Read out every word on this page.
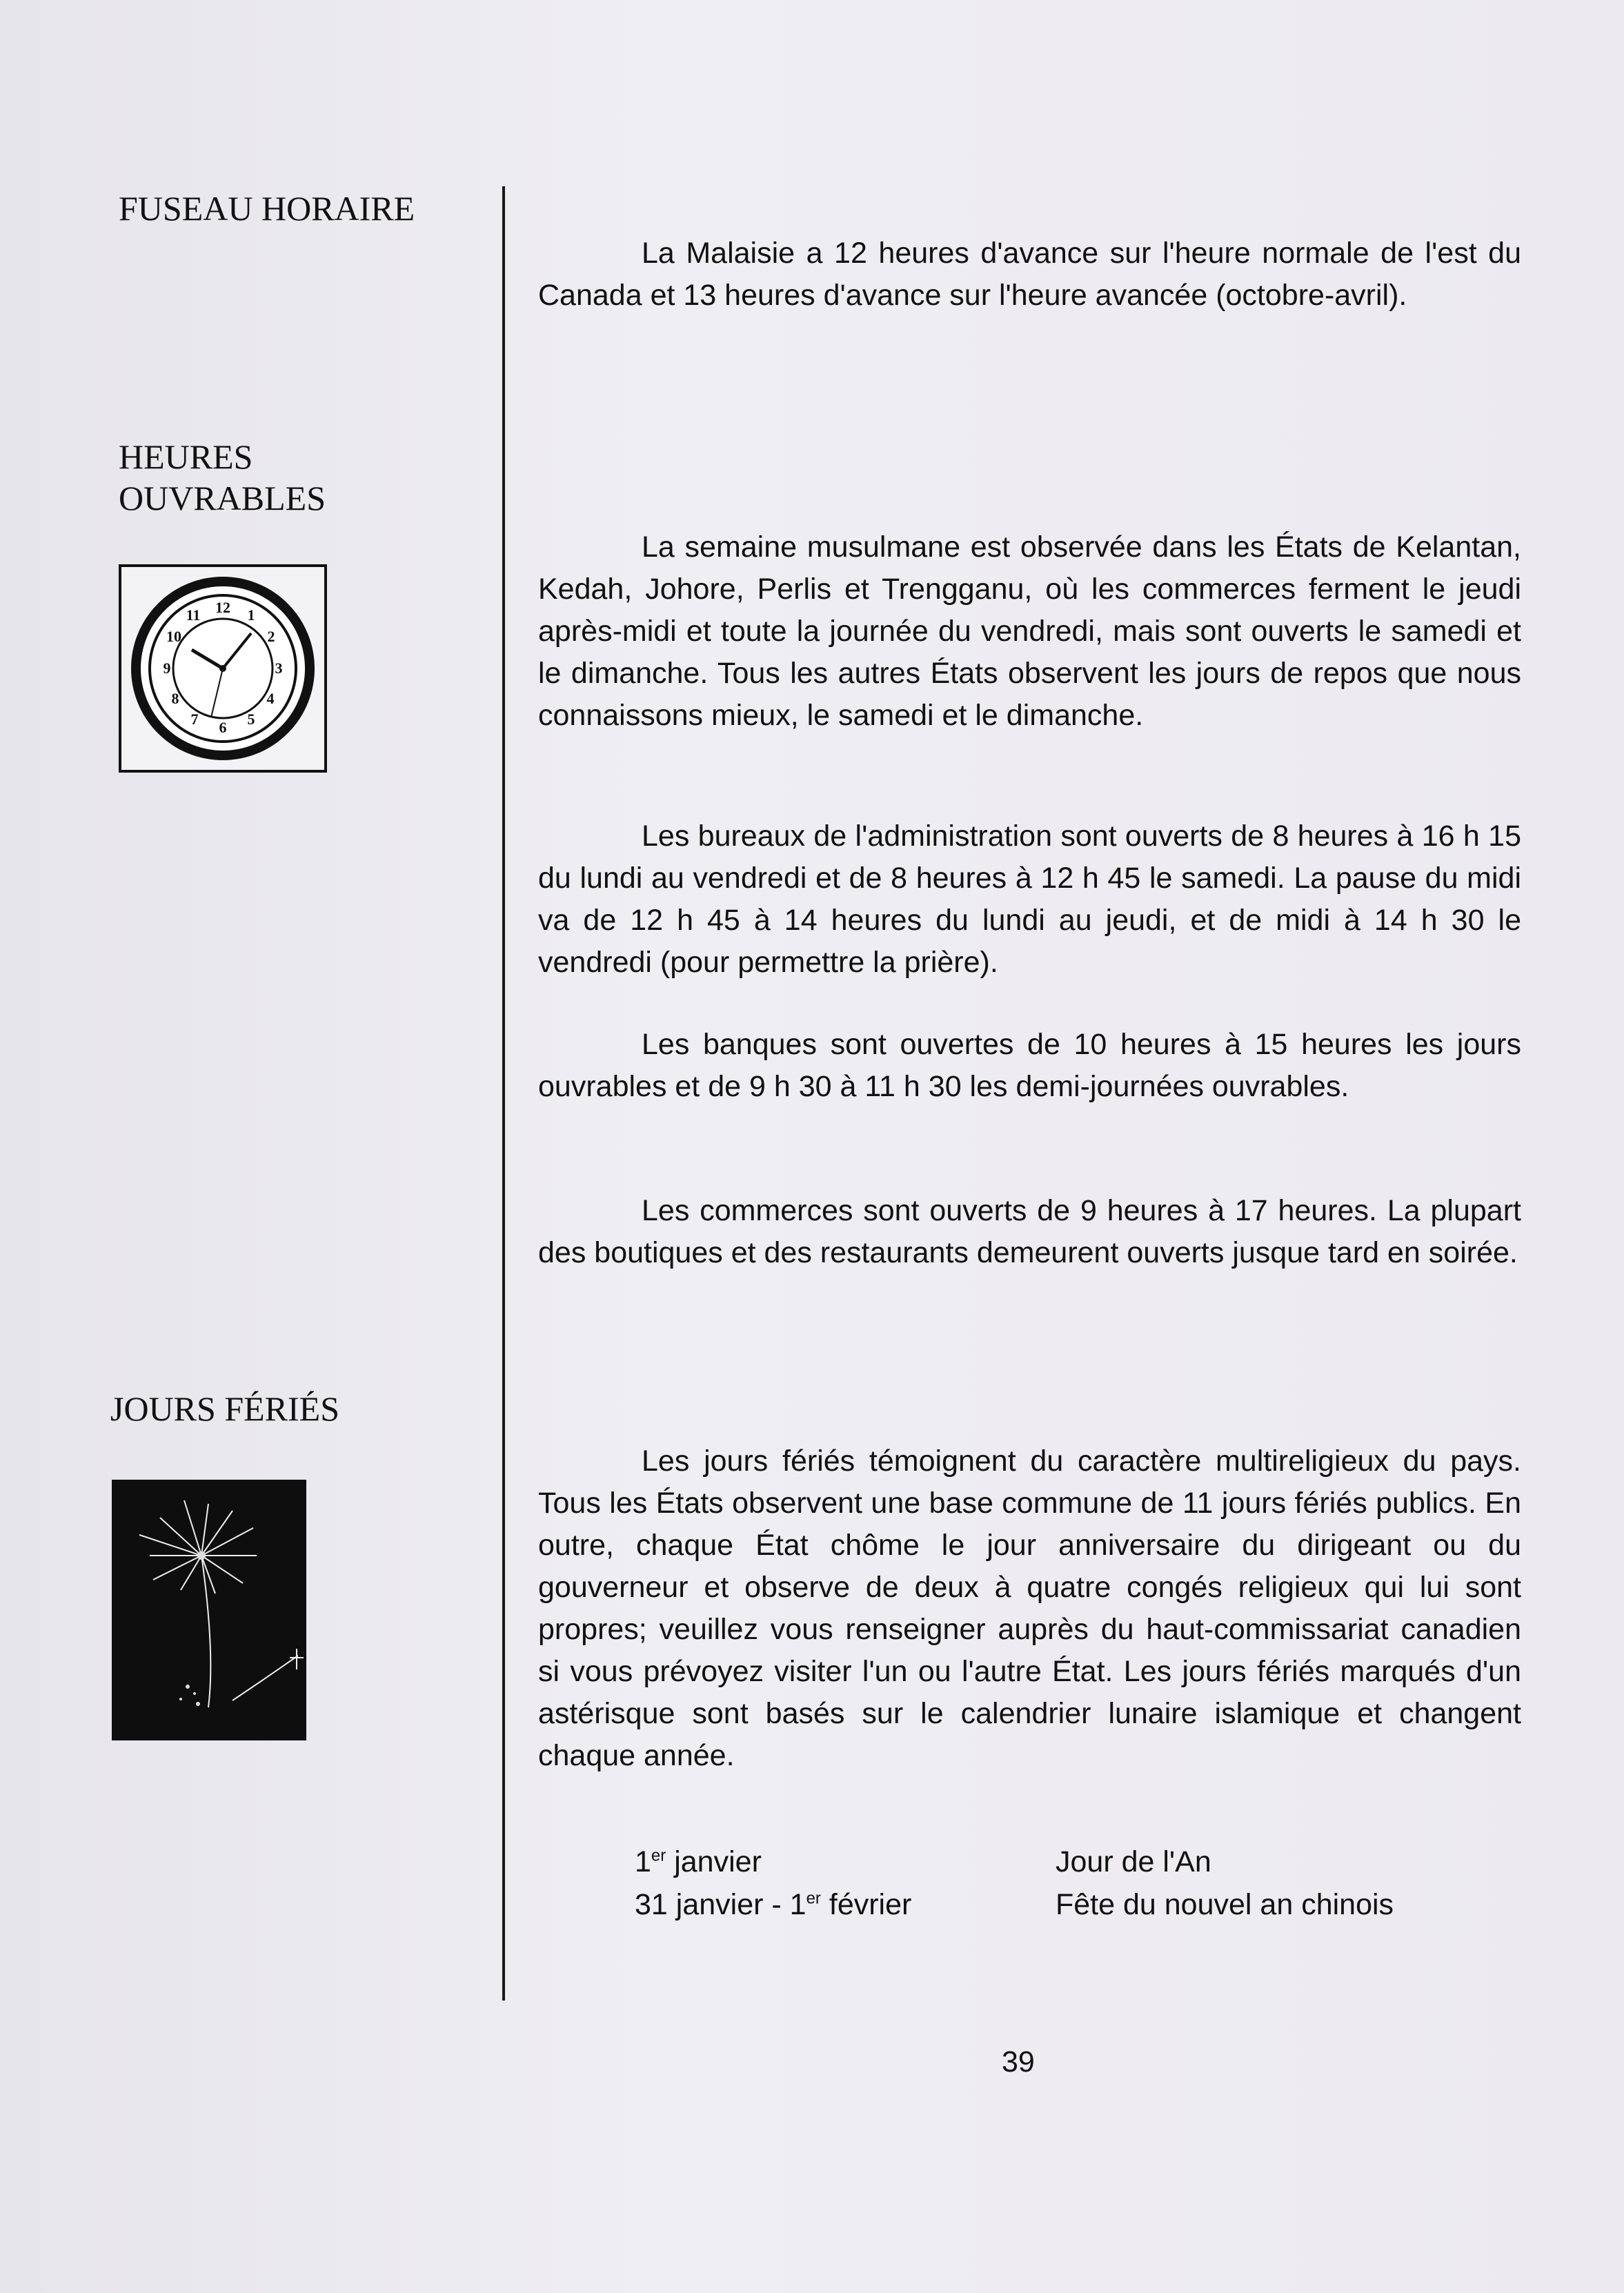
FUSEAU HORAIRE
HEURES
OUVRABLES
12 1
2
3
4
5
6
7
8
9
10
11
JOURS FÉRIÉS

La Malaisie a 12 heures d'avance sur l'heure normale de l'est du Canada et 13 heures d'avance sur l'heure avancée (octobre-avril).

La semaine musulmane est observée dans les États de Kelantan, Kedah, Johore, Perlis et Trengganu, où les commerces ferment le jeudi après-midi et toute la journée du vendredi, mais sont ouverts le samedi et le dimanche. Tous les autres États observent les jours de repos que nous connaissons mieux, le samedi et le dimanche.

Les bureaux de l'administration sont ouverts de 8 heures à 16 h 15 du lundi au vendredi et de 8 heures à 12 h 45 le samedi. La pause du midi va de 12 h 45 à 14 heures du lundi au jeudi, et de midi à 14 h 30 le vendredi (pour permettre la prière).

Les banques sont ouvertes de 10 heures à 15 heures les jours ouvrables et de 9 h 30 à 11 h 30 les demi-journées ouvrables.

Les commerces sont ouverts de 9 heures à 17 heures. La plupart des boutiques et des restaurants demeurent ouverts jusque tard en soirée.

Les jours fériés témoignent du caractère multireligieux du pays. Tous les États observent une base commune de 11 jours fériés publics. En outre, chaque État chôme le jour anniversaire du dirigeant ou du gouverneur et observe de deux à quatre congés religieux qui lui sont propres; veuillez vous renseigner auprès du haut-commissariat canadien si vous prévoyez visiter l'un ou l'autre État. Les jours fériés marqués d'un astérisque sont basés sur le calendrier lunaire islamique et changent chaque année.

1er janvier	Jour de l'An
31 janvier - 1er février	Fête du nouvel an chinois
39
